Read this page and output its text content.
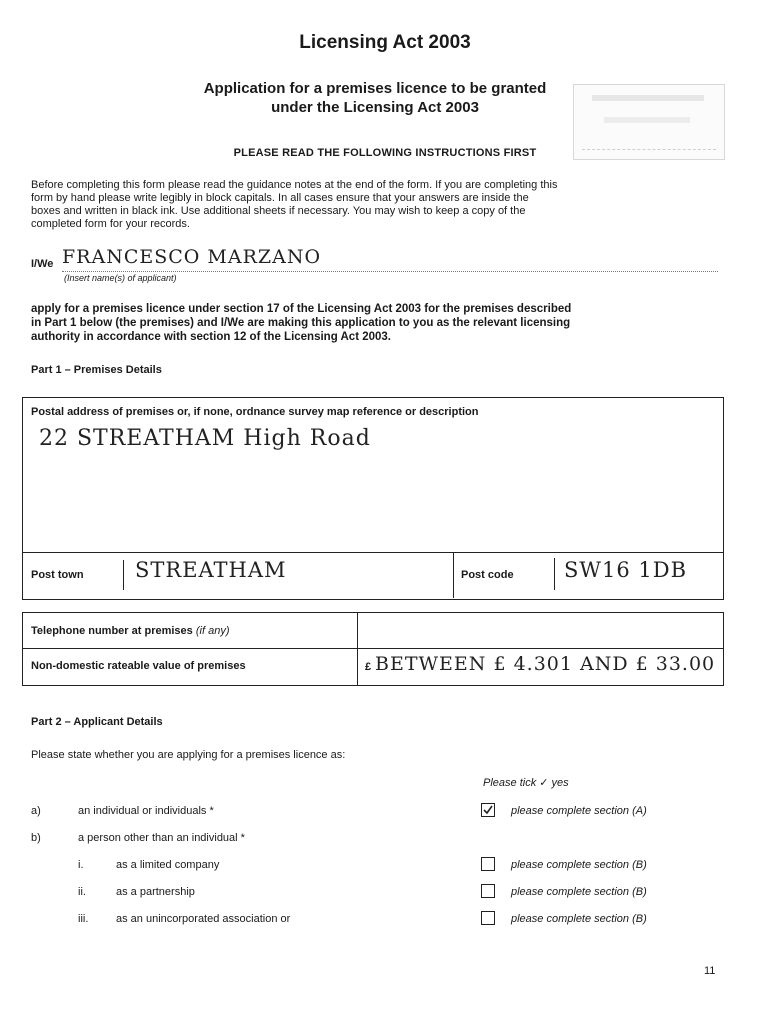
Licensing Act 2003
Application for a premises licence to be granted
under the Licensing Act 2003
PLEASE READ THE FOLLOWING INSTRUCTIONS FIRST
Before completing this form please read the guidance notes at the end of the form. If you are completing this
form by hand please write legibly in block capitals. In all cases ensure that your answers are inside the
boxes and written in black ink. Use additional sheets if necessary. You may wish to keep a copy of the
completed form for your records.
I/We FRANCESCO MARZANO
(Insert name(s) of applicant)
apply for a premises licence under section 17 of the Licensing Act 2003 for the premises described
in Part 1 below (the premises) and I/We are making this application to you as the relevant licensing
authority in accordance with section 12 of the Licensing Act 2003.
Part 1 – Premises Details
Postal address of premises or, if none, ordnance survey map reference or description
22 STREATHAM High Road
Post town STREATHAM	Post code SW16 1DB
Telephone number at premises (if any)
Non-domestic rateable value of premises	£ BETWEEN £ 4.301 AND £ 33.00
Part 2 – Applicant Details
Please state whether you are applying for a premises licence as:
Please tick ✓ yes
a)	an individual or individuals *	please complete section (A)
b)	a person other than an individual *
i.	as a limited company	please complete section (B)
ii.	as a partnership	please complete section (B)
iii.	as an unincorporated association or	please complete section (B)
11
